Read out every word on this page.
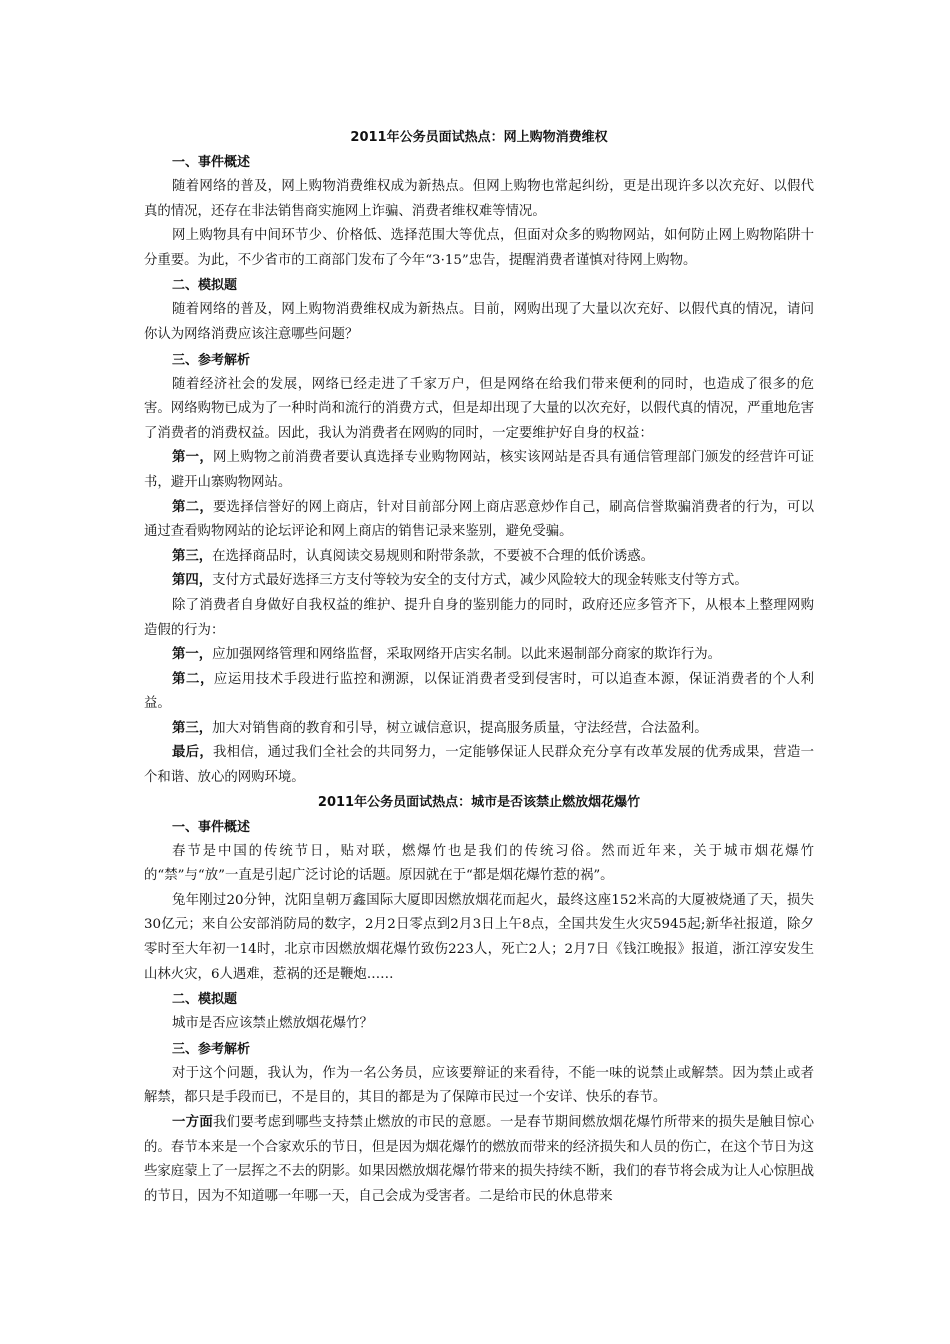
2011年公务员面试热点：网上购物消费维权
一、事件概述

随着网络的普及，网上购物消费维权成为新热点。但网上购物也常起纠纷，更是出现许多以次充好、以假代真的情况，还存在非法销售商实施网上诈骗、消费者维权难等情况。

网上购物具有中间环节少、价格低、选择范围大等优点，但面对众多的购物网站，如何防止网上购物陷阱十分重要。为此，不少省市的工商部门发布了今年“3·15”忠告，提醒消费者谨慎对待网上购物。

二、模拟题

随着网络的普及，网上购物消费维权成为新热点。目前，网购出现了大量以次充好、以假代真的情况，请问你认为网络消费应该注意哪些问题？

三、参考解析

随着经济社会的发展，网络已经走进了千家万户，但是网络在给我们带来便利的同时，也造成了很多的危害。网络购物已成为了一种时尚和流行的消费方式，但是却出现了大量的以次充好，以假代真的情况，严重地危害了消费者的消费权益。因此，我认为消费者在网购的同时，一定要维护好自身的权益：

第一，网上购物之前消费者要认真选择专业购物网站，核实该网站是否具有通信管理部门颁发的经营许可证书，避开山寨购物网站。

第二，要选择信誉好的网上商店，针对目前部分网上商店恶意炒作自己，刷高信誉欺骗消费者的行为，可以通过查看购物网站的论坛评论和网上商店的销售记录来鉴别，避免受骗。

第三，在选择商品时，认真阅读交易规则和附带条款，不要被不合理的低价诱惑。

第四，支付方式最好选择三方支付等较为安全的支付方式，减少风险较大的现金转账支付等方式。

除了消费者自身做好自我权益的维护、提升自身的鉴别能力的同时，政府还应多管齐下，从根本上整理网购造假的行为：

第一，应加强网络管理和网络监督，采取网络开店实名制。以此来遏制部分商家的欺诈行为。

第二，应运用技术手段进行监控和溯源，以保证消费者受到侵害时，可以追查本源，保证消费者的个人利益。

第三，加大对销售商的教育和引导，树立诚信意识，提高服务质量，守法经营，合法盈利。

最后，我相信，通过我们全社会的共同努力，一定能够保证人民群众充分享有改革发展的优秀成果，营造一个和谐、放心的网购环境。

2011年公务员面试热点：城市是否该禁止燃放烟花爆竹
一、事件概述

春节是中国的传统节日，贴对联，燃爆竹也是我们的传统习俗。然而近年来，关于城市烟花爆竹的“禁”与“放”一直是引起广泛讨论的话题。原因就在于“都是烟花爆竹惹的祸”。

兔年刚过20分钟，沈阳皇朝万鑫国际大厦即因燃放烟花而起火，最终这座152米高的大厦被烧通了天，损失30亿元；来自公安部消防局的数字，2月2日零点到2月3日上午8点，全国共发生火灾5945起;新华社报道，除夕零时至大年初一14时，北京市因燃放烟花爆竹致伤223人，死亡2人；2月7日《钱江晚报》报道，浙江淳安发生山林火灾，6人遇难，惹祸的还是鞭炮……

二、模拟题

城市是否应该禁止燃放烟花爆竹？

三、参考解析

对于这个问题，我认为，作为一名公务员，应该要辩证的来看待，不能一味的说禁止或解禁。因为禁止或者解禁，都只是手段而已，不是目的，其目的都是为了保障市民过一个安详、快乐的春节。

一方面我们要考虑到哪些支持禁止燃放的市民的意愿。一是春节期间燃放烟花爆竹所带来的损失是触目惊心的。春节本来是一个合家欢乐的节日，但是因为烟花爆竹的燃放而带来的经济损失和人员的伤亡，在这个节日为这些家庭蒙上了一层挥之不去的阴影。如果因燃放烟花爆竹带来的损失持续不断，我们的春节将会成为让人心惊胆战的节日，因为不知道哪一年哪一天，自己会成为受害者。二是给市民的休息带来
